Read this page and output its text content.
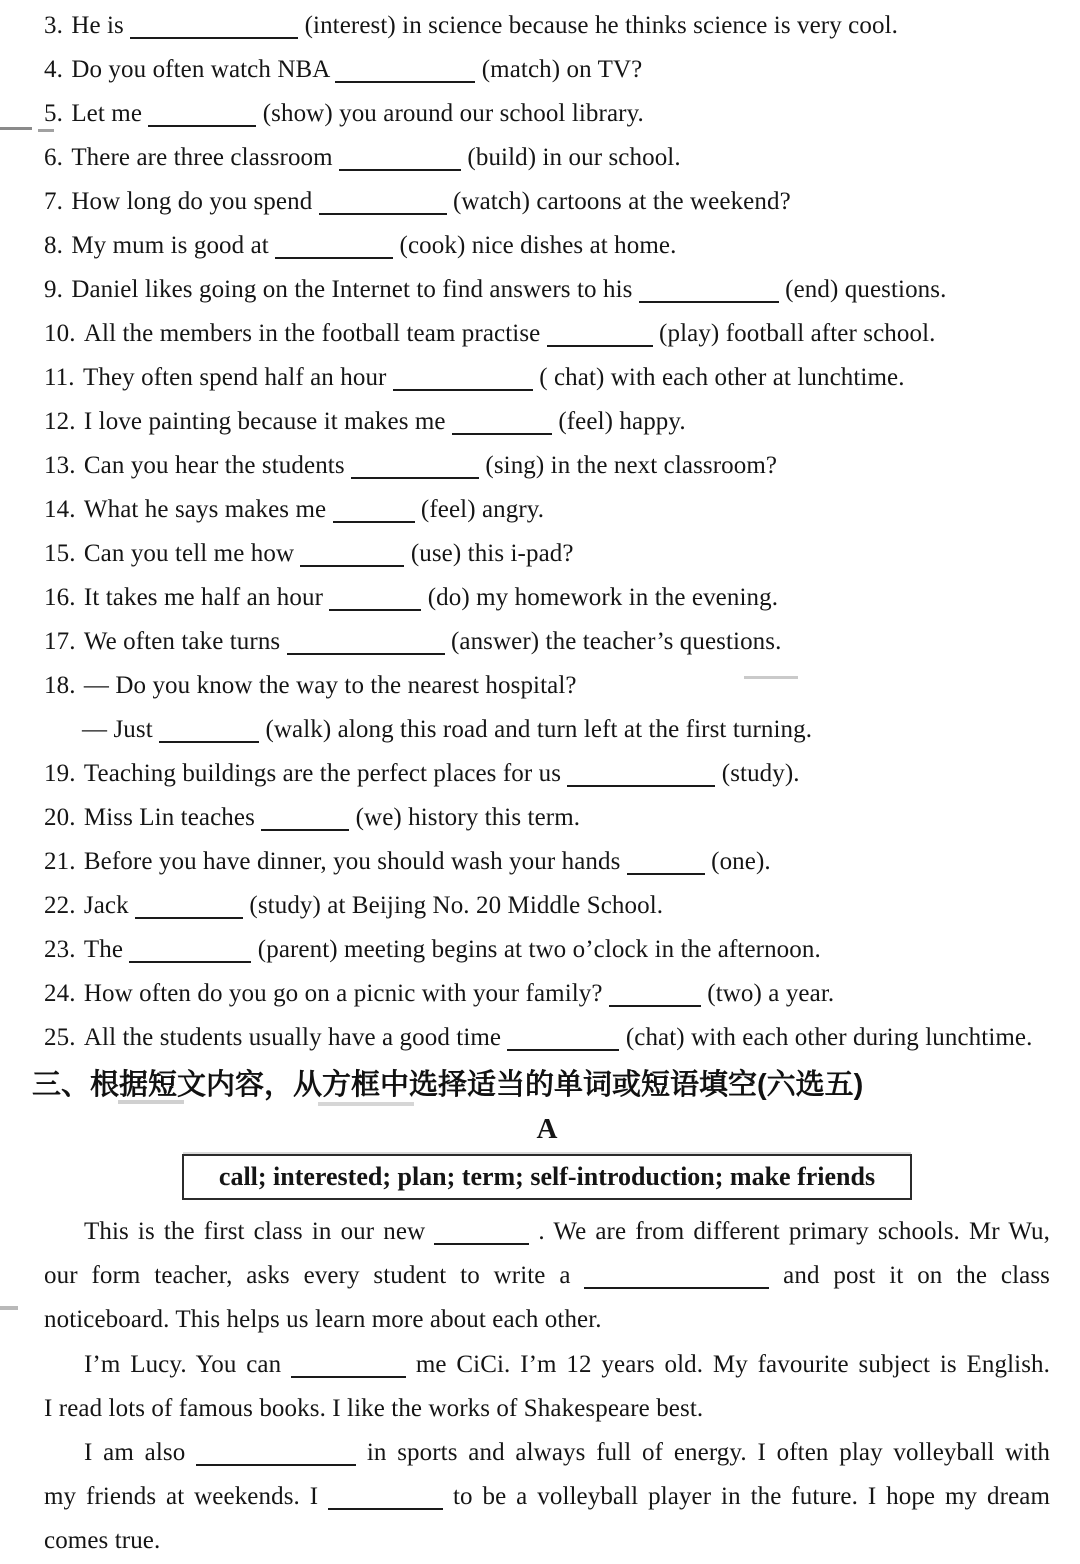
3. He is	(interest) in science because he thinks science is very cool.
4. Do you often watch NBA	(match) on TV?
5. Let me	(show) you around our school library.
6. There are three classroom	(build) in our school.
7. How long do you spend	(watch) cartoons at the weekend?
8. My mum is good at	(cook) nice dishes at home.
9. Daniel likes going on the Internet to find answers to his	(end) questions.
10. All the members in the football team practise	(play) football after school.
11. They often spend half an hour	( chat) with each other at lunchtime.
12. I love painting because it makes me	(feel) happy.
13. Can you hear the students	(sing) in the next classroom?
14. What he says makes me	(feel) angry.
15. Can you tell me how	(use) this i-pad?
16. It takes me half an hour	(do) my homework in the evening.
17. We often take turns	(answer) the teacher’s questions.
18. — Do you know the way to the nearest hospital?
— Just	(walk) along this road and turn left at the first turning.
19. Teaching buildings are the perfect places for us	(study).
20. Miss Lin teaches	(we) history this term.
21. Before you have dinner, you should wash your hands	(one).
22. Jack	(study) at Beijing No. 20 Middle School.
23. The	(parent) meeting begins at two o’clock in the afternoon.
24. How often do you go on a picnic with your family?	(two) a year.
25. All the students usually have a good time	(chat) with each other during lunchtime.
三、根据短文内容，从方框中选择适当的单词或短语填空(六选五)
A
call; interested; plan; term; self-introduction; make friends
This is the first class in our new	. We are from different primary schools. Mr Wu,
our form teacher, asks every student to write a	and post it on the class
noticeboard. This helps us learn more about each other.
I’m Lucy. You can	me CiCi. I’m 12 years old. My favourite subject is English.
I read lots of famous books. I like the works of Shakespeare best.
I am also	in sports and always full of energy. I often play volleyball with
my friends at weekends. I	to be a volleyball player in the future. I hope my dream
comes true.
